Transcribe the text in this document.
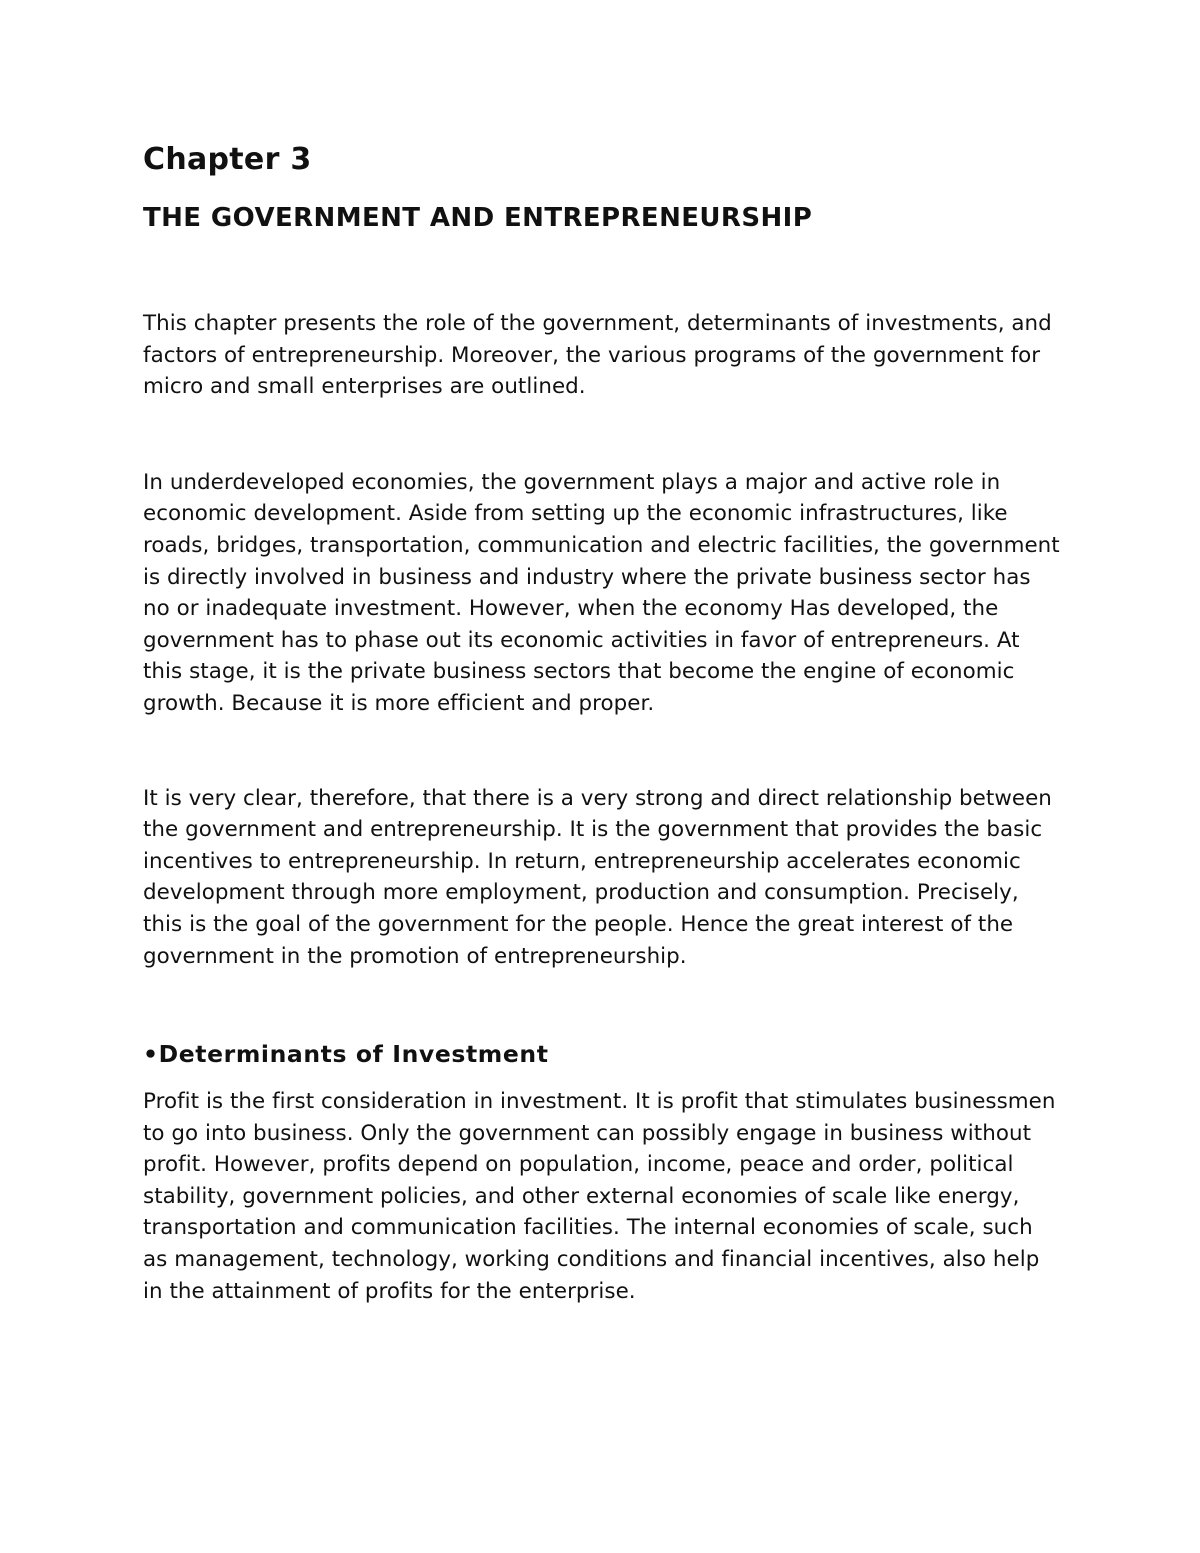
Chapter 3
THE GOVERNMENT AND ENTREPRENEURSHIP

This chapter presents the role of the government, determinants of investments, and factors of entrepreneurship. Moreover, the various programs of the government for micro and small enterprises are outlined.

In underdeveloped economies, the government plays a major and active role in economic development. Aside from setting up the economic infrastructures, like roads, bridges, transportation, communication and electric facilities, the government is directly involved in business and industry where the private business sector has no or inadequate investment. However, when the economy Has developed, the government has to phase out its economic activities in favor of entrepreneurs. At this stage, it is the private business sectors that become the engine of economic growth. Because it is more efficient and proper.

It is very clear, therefore, that there is a very strong and direct relationship between the government and entrepreneurship. It is the government that provides the basic incentives to entrepreneurship. In return, entrepreneurship accelerates economic development through more employment, production and consumption. Precisely, this is the goal of the government for the people. Hence the great interest of the government in the promotion of entrepreneurship.

•Determinants of Investment

Profit is the first consideration in investment. It is profit that stimulates businessmen to go into business. Only the government can possibly engage in business without profit. However, profits depend on population, income, peace and order, political stability, government policies, and other external economies of scale like energy, transportation and communication facilities. The internal economies of scale, such as management, technology, working conditions and financial incentives, also help in the attainment of profits for the enterprise.
